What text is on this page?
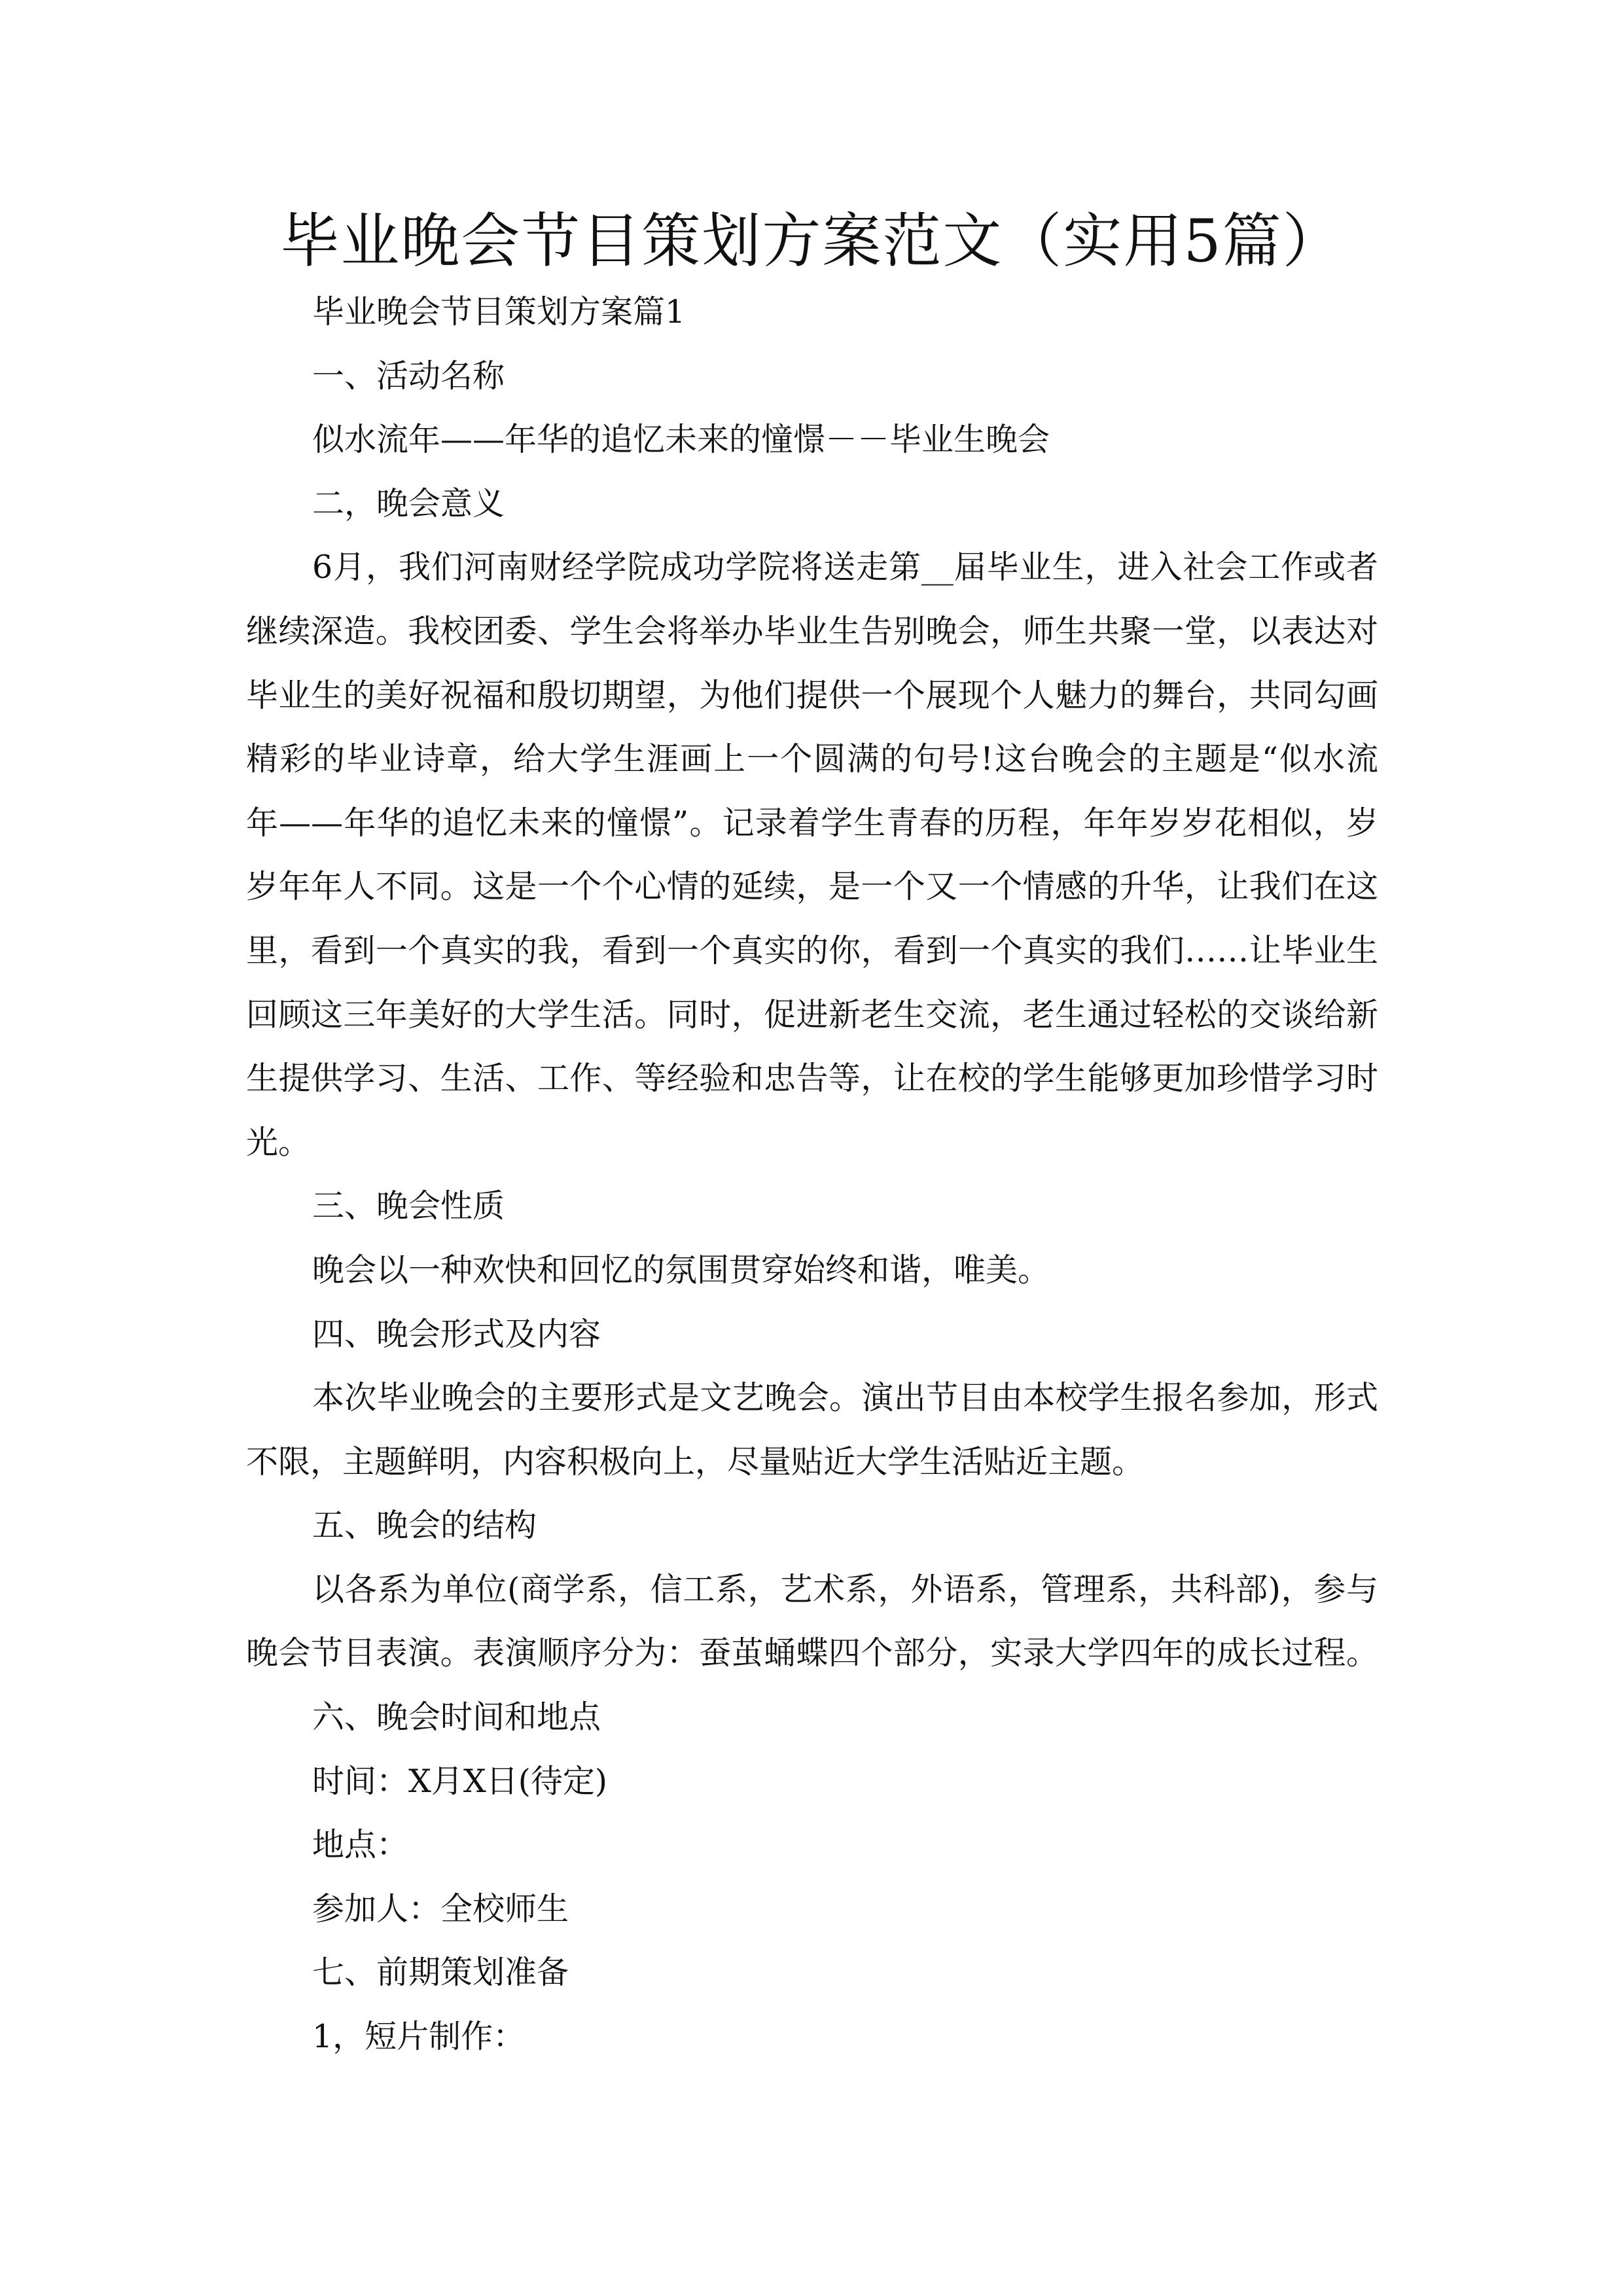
毕业晚会节目策划方案范文（实用5篇）
毕业晚会节目策划方案篇1
一、活动名称
似水流年——年华的追忆未来的憧憬－－毕业生晚会
二，晚会意义
6月，我们河南财经学院成功学院将送走第__届毕业生，进入社会工作或者
继续深造。我校团委、学生会将举办毕业生告别晚会，师生共聚一堂，以表达对
毕业生的美好祝福和殷切期望，为他们提供一个展现个人魅力的舞台，共同勾画
精彩的毕业诗章，给大学生涯画上一个圆满的句号!这台晚会的主题是“似水流
年——年华的追忆未来的憧憬”。记录着学生青春的历程，年年岁岁花相似，岁
岁年年人不同。这是一个个心情的延续，是一个又一个情感的升华，让我们在这
里，看到一个真实的我，看到一个真实的你，看到一个真实的我们……让毕业生
回顾这三年美好的大学生活。同时，促进新老生交流，老生通过轻松的交谈给新
生提供学习、生活、工作、等经验和忠告等，让在校的学生能够更加珍惜学习时
光。
三、晚会性质
晚会以一种欢快和回忆的氛围贯穿始终和谐，唯美。
四、晚会形式及内容
本次毕业晚会的主要形式是文艺晚会。演出节目由本校学生报名参加，形式
不限，主题鲜明，内容积极向上，尽量贴近大学生活贴近主题。
五、晚会的结构
以各系为单位(商学系，信工系，艺术系，外语系，管理系，共科部)，参与
晚会节目表演。表演顺序分为：蚕茧蛹蝶四个部分，实录大学四年的成长过程。
六、晚会时间和地点
时间：X月X日(待定)
地点：
参加人：全校师生
七、前期策划准备
1，短片制作：
